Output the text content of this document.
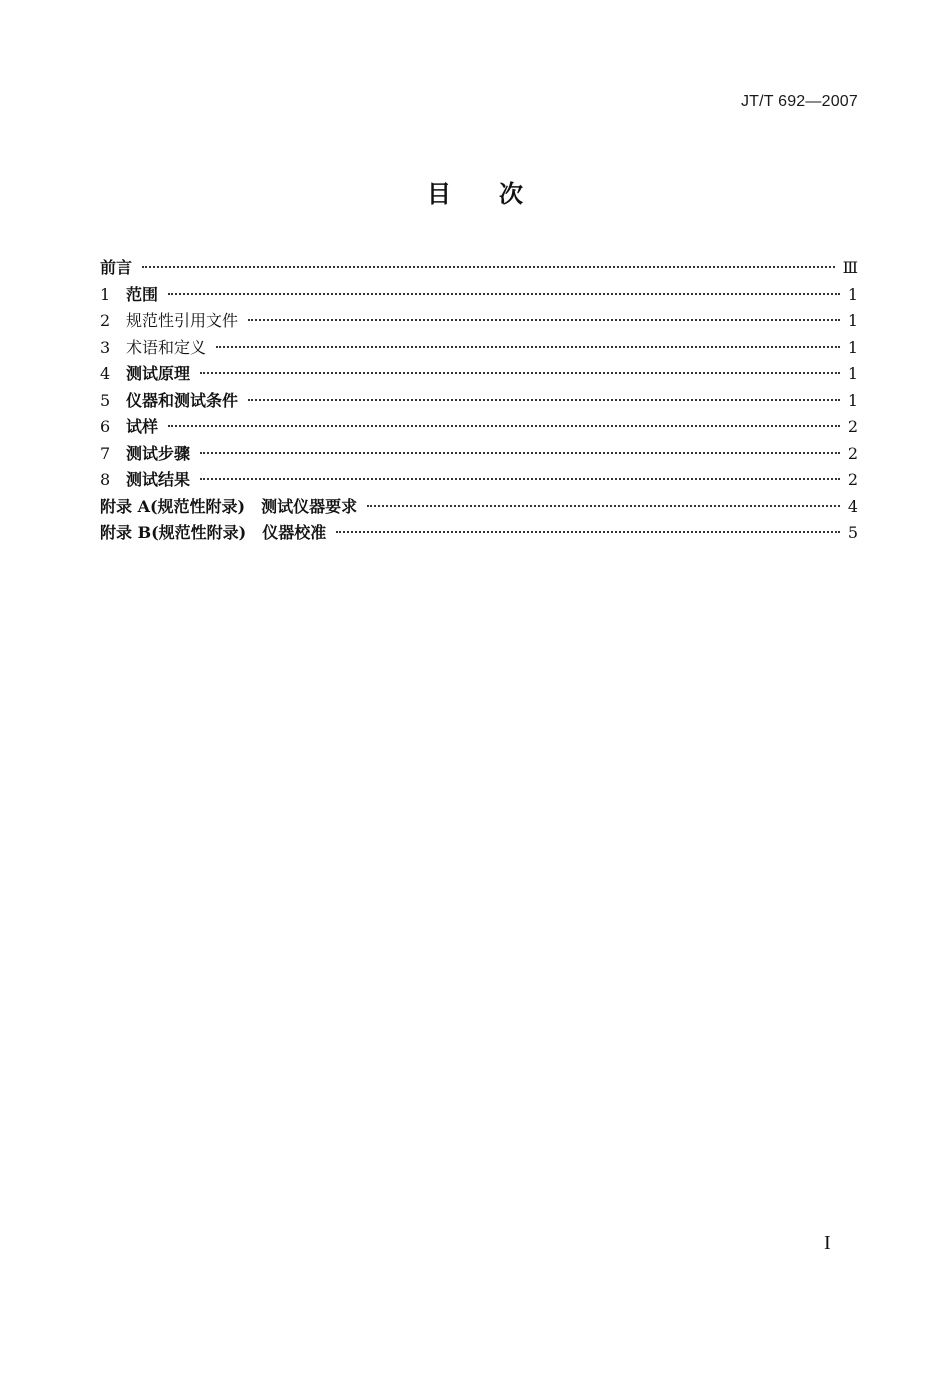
JT/T 692—2007
目 次
前言	Ⅲ
1 范围	1
2 规范性引用文件	1
3 术语和定义	1
4 测试原理	1
5 仪器和测试条件	1
6 试样	2
7 测试步骤	2
8 测试结果	2
附录 A(规范性附录)　测试仪器要求	4
附录 B(规范性附录)　仪器校准	5
I
